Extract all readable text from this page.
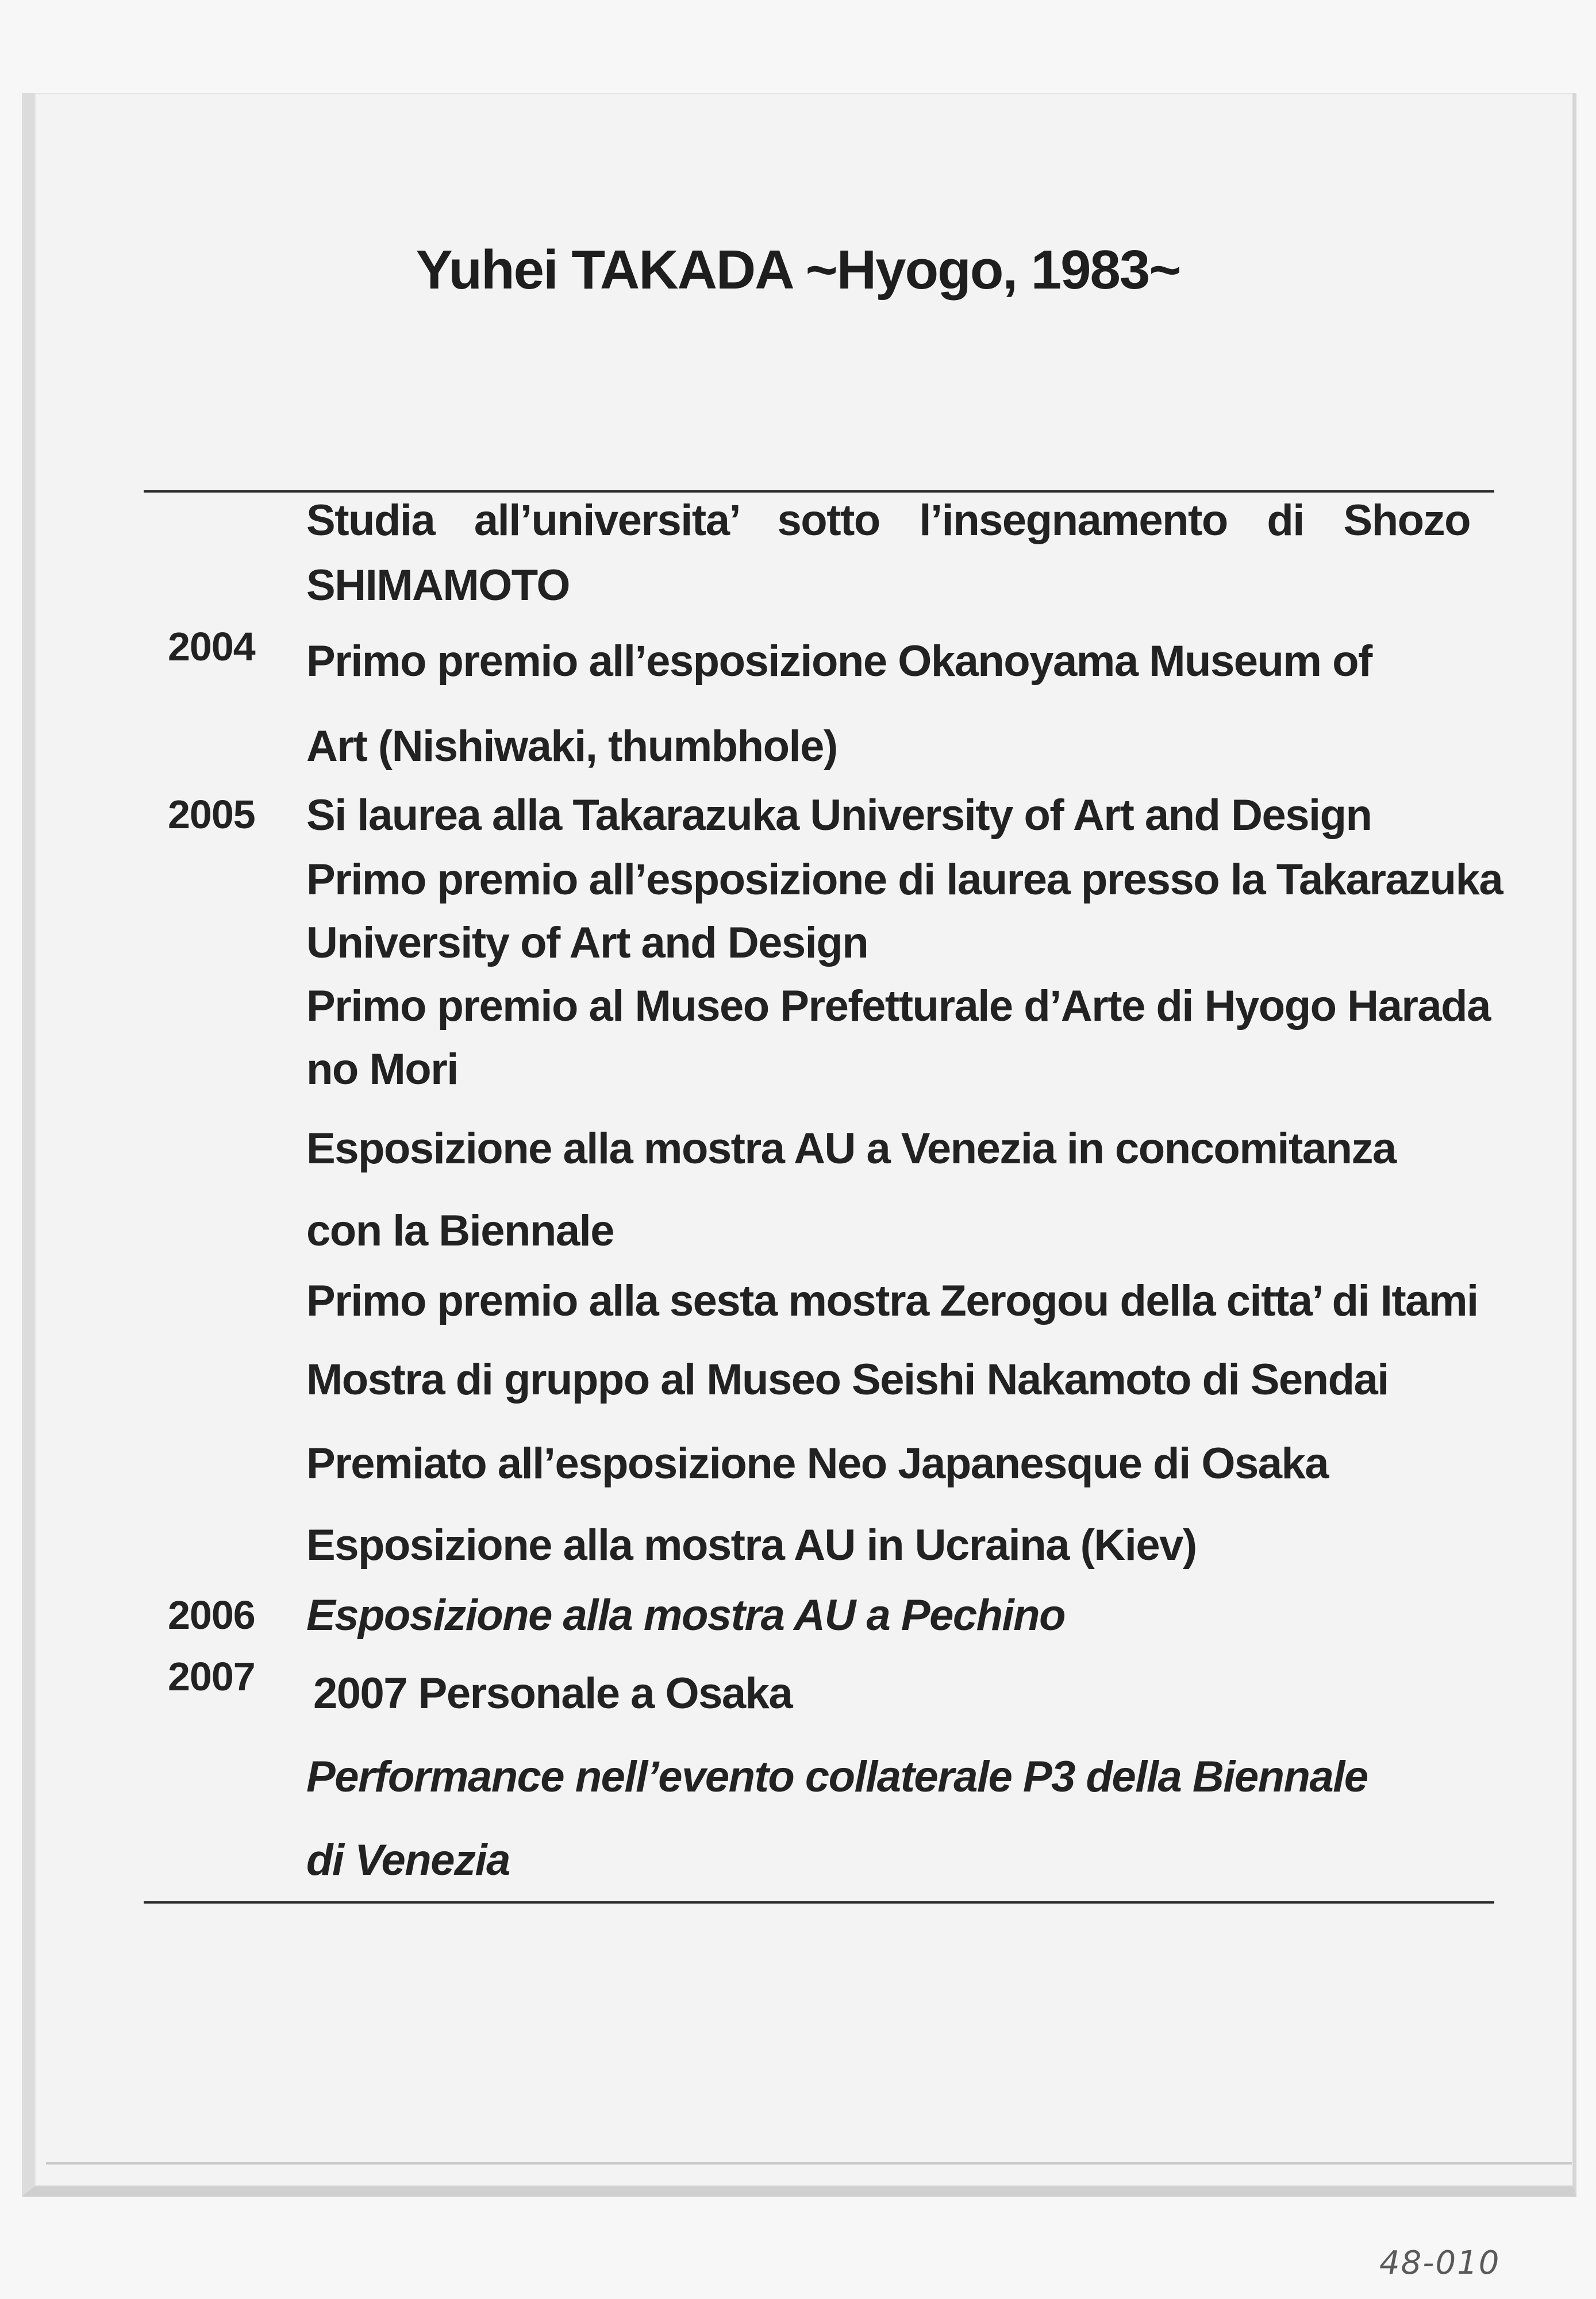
Yuhei TAKADA ~Hyogo, 1983~
Studia all’universita’ sotto l’insegnamento di Shozo
SHIMAMOTO
2004 Primo premio all’esposizione Okanoyama Museum of
Art (Nishiwaki, thumbhole)
2005 Si laurea alla Takarazuka University of Art and Design
Primo premio all’esposizione di laurea presso la Takarazuka
University of Art and Design
Primo premio al Museo Prefetturale d’Arte di Hyogo Harada
no Mori
Esposizione alla mostra AU a Venezia in concomitanza
con la Biennale
Primo premio alla sesta mostra Zerogou della citta’ di Itami
Mostra di gruppo al Museo Seishi Nakamoto di Sendai
Premiato all’esposizione Neo Japanesque di Osaka
Esposizione alla mostra AU in Ucraina (Kiev)
2006 Esposizione alla mostra AU a Pechino
2007 2007 Personale a Osaka
Performance nell’evento collaterale P3 della Biennale
di Venezia
48-010
